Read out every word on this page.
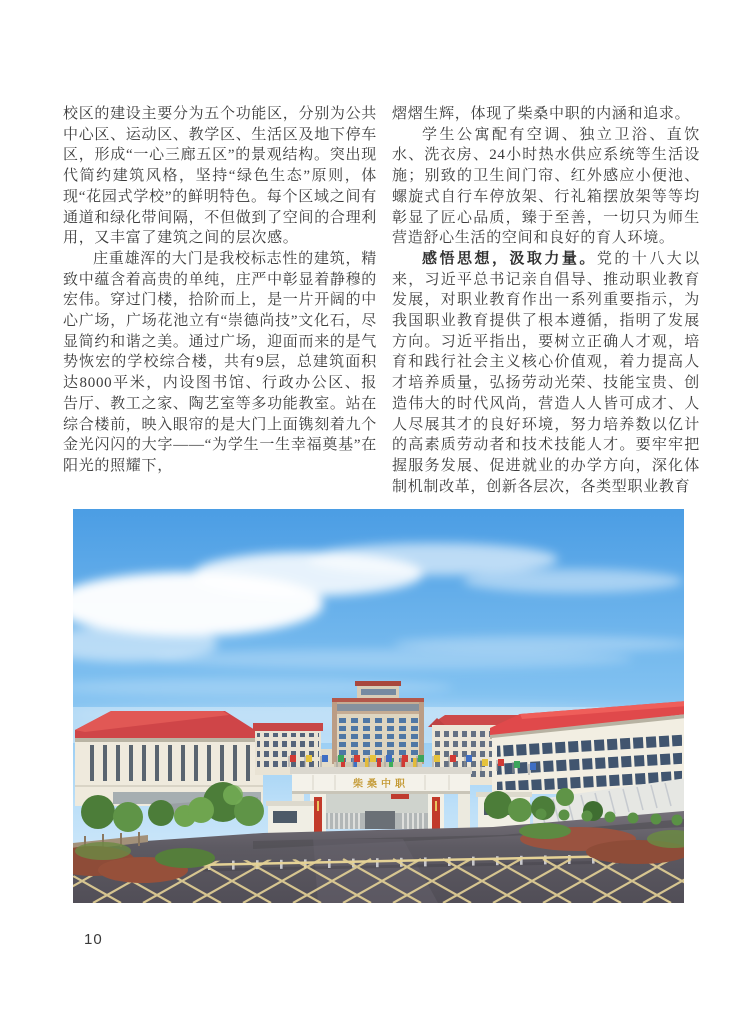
校区的建设主要分为五个功能区，分别为公共中心区、运动区、教学区、生活区及地下停车区，形成“一心三廊五区”的景观结构。突出现代简约建筑风格，坚持“绿色生态”原则，体现“花园式学校”的鲜明特色。每个区域之间有通道和绿化带间隔，不但做到了空间的合理利用，又丰富了建筑之间的层次感。

庄重雄浑的大门是我校标志性的建筑，精致中蕴含着高贵的单纯，庄严中彰显着静穆的宏伟。穿过门楼，拾阶而上，是一片开阔的中心广场，广场花池立有“崇德尚技”文化石，尽显简约和谐之美。通过广场，迎面而来的是气势恢宏的学校综合楼，共有9层，总建筑面积达8000平米，内设图书馆、行政办公区、报告厅、教工之家、陶艺室等多功能教室。站在综合楼前，映入眼帘的是大门上面镌刻着九个金光闪闪的大字——“为学生一生幸福奠基”在阳光的照耀下，

熠熠生辉，体现了柴桑中职的内涵和追求。

学生公寓配有空调、独立卫浴、直饮水、洗衣房、24小时热水供应系统等生活设施；别致的卫生间门帘、红外感应小便池、螺旋式自行车停放架、行礼箱摆放架等等均彰显了匠心品质，臻于至善，一切只为师生营造舒心生活的空间和良好的育人环境。

感悟思想，汲取力量。党的十八大以来，习近平总书记亲自倡导、推动职业教育发展，对职业教育作出一系列重要指示，为我国职业教育提供了根本遵循，指明了发展方向。习近平指出，要树立正确人才观，培育和践行社会主义核心价值观，着力提高人才培养质量，弘扬劳动光荣、技能宝贵、创造伟大的时代风尚，营造人人皆可成才、人人尽展其才的良好环境，努力培养数以亿计的高素质劳动者和技术技能人才。要牢牢把握服务发展、促进就业的办学方向，深化体制机制改革，创新各层次，各类型职业教育

柴桑中职
10
